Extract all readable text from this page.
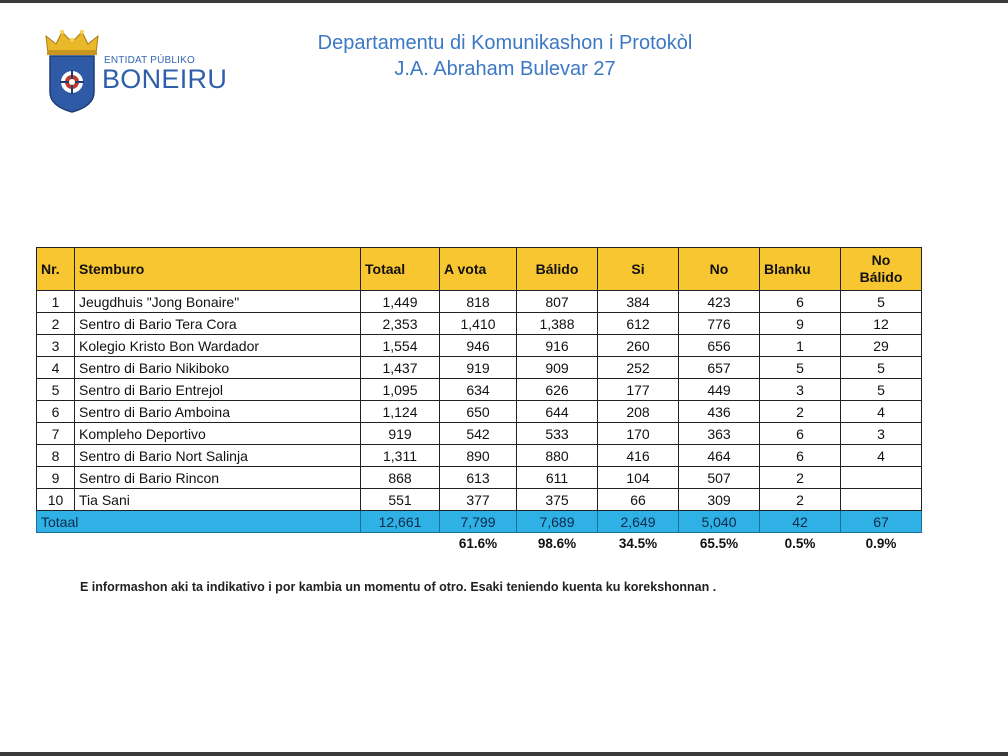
ENTIDAT PÚBLIKO
BONEIRU
Departamentu di Komunikashon i Protokòl
J.A. Abraham Bulevar 27
Nr.	Stemburo	Totaal	A vota	Bálido	Si	No	Blanku	No
Bálido

1	Jeugdhuis "Jong Bonaire"	1,449	818	807	384	423	6	5
2	Sentro di Bario Tera Cora	2,353	1,410	1,388	612	776	9	12
3	Kolegio Kristo Bon Wardador	1,554	946	916	260	656	1	29
4	Sentro di Bario Nikiboko	1,437	919	909	252	657	5	5
5	Sentro di Bario Entrejol	1,095	634	626	177	449	3	5
6	Sentro di Bario Amboina	1,124	650	644	208	436	2	4
7	Kompleho Deportivo	919	542	533	170	363	6	3
8	Sentro di Bario Nort Salinja	1,311	890	880	416	464	6	4
9	Sentro di Bario Rincon	868	613	611	104	507	2	
10	Tia Sani	551	377	375	66	309	2	
Totaal		12,661	7,799	7,689	2,649	5,040	42	67
			61.6%	98.6%	34.5%	65.5%	0.5%	0.9%
E informashon aki ta indikativo i por kambia un momentu of otro. Esaki teniendo kuenta ku korekshonnan .
